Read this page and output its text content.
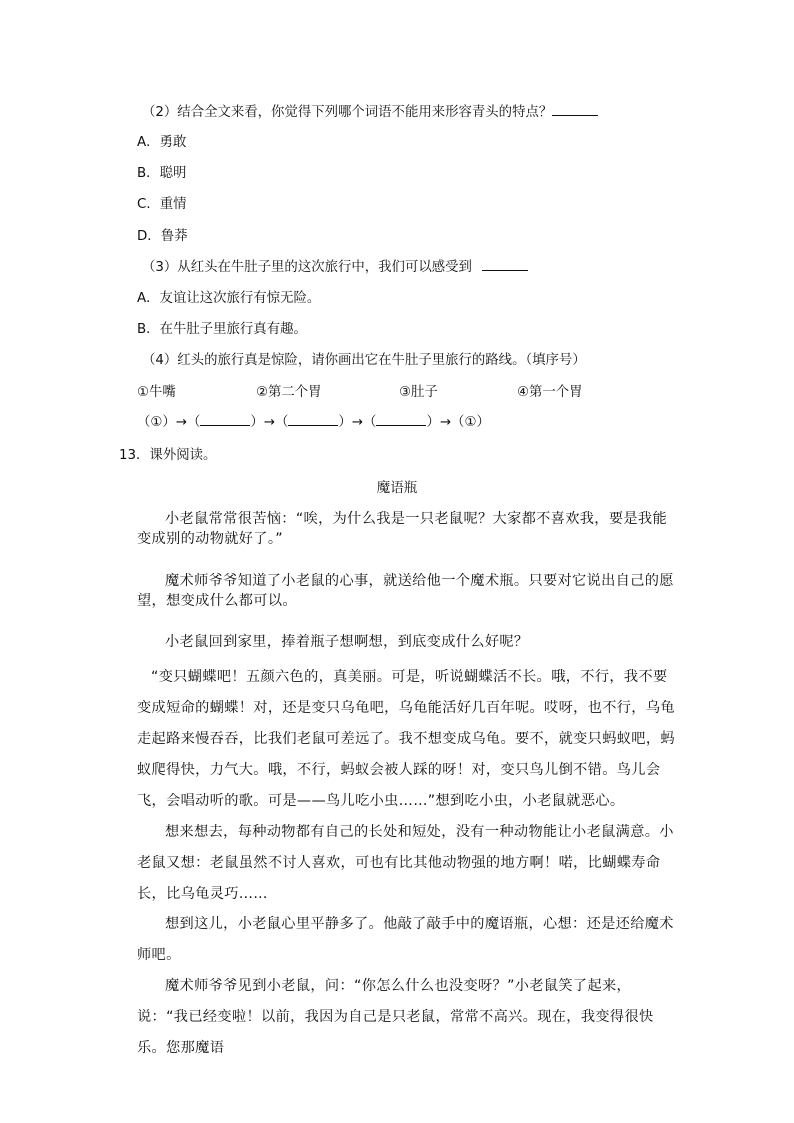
（2）结合全文来看，你觉得下列哪个词语不能用来形容青头的特点？
A．勇敢
B．聪明
C．重情
D．鲁莽
（3）从红头在牛肚子里的这次旅行中，我们可以感受到
A．友谊让这次旅行有惊无险。
B．在牛肚子里旅行真有趣。
（4）红头的旅行真是惊险，请你画出它在牛肚子里旅行的路线。（填序号）
①牛嘴	②第二个胃	③肚子	④第一个胃
（①）→（	）→（	）→（	）→（①）
13．课外阅读。
魔语瓶
小老鼠常常很苦恼：“唉，为什么我是一只老鼠呢？大家都不喜欢我，要是我能变成别的动物就好了。”
魔术师爷爷知道了小老鼠的心事，就送给他一个魔术瓶。只要对它说出自己的愿望，想变成什么都可以。
小老鼠回到家里，捧着瓶子想啊想，到底变成什么好呢？
“变只蝴蝶吧！五颜六色的，真美丽。可是，听说蝴蝶活不长。哦，不行，我不要变成短命的蝴蝶！对，还是变只乌龟吧，乌龟能活好几百年呢。哎呀，也不行，乌龟走起路来慢吞吞，比我们老鼠可差远了。我不想变成乌龟。要不，就变只蚂蚁吧，蚂蚁爬得快，力气大。哦，不行，蚂蚁会被人踩的呀！对，变只鸟儿倒不错。鸟儿会飞，会唱动听的歌。可是——鸟儿吃小虫……”想到吃小虫，小老鼠就恶心。
想来想去，每种动物都有自己的长处和短处，没有一种动物能让小老鼠满意。小老鼠又想：老鼠虽然不讨人喜欢，可也有比其他动物强的地方啊！喏，比蝴蝶寿命长，比乌龟灵巧……
想到这儿，小老鼠心里平静多了。他敲了敲手中的魔语瓶，心想：还是还给魔术师吧。
魔术师爷爷见到小老鼠，问：“你怎么什么也没变呀？”小老鼠笑了起来，说：“我已经变啦！以前，我因为自己是只老鼠，常常不高兴。现在，我变得很快乐。您那魔语
